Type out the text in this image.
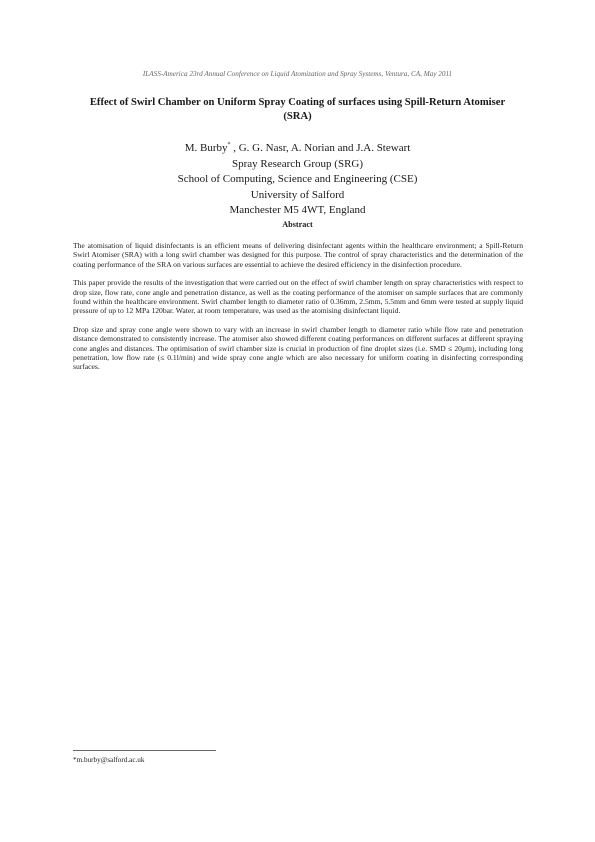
ILASS-America 23rd Annual Conference on Liquid Atomization and Spray Systems, Ventura, CA, May 2011
Effect of Swirl Chamber on Uniform Spray Coating of surfaces using Spill-Return Atomiser (SRA)
M. Burby* , G. G. Nasr, A. Norian and J.A. Stewart
Spray Research Group (SRG)
School of Computing, Science and Engineering (CSE)
University of Salford
Manchester M5 4WT, England
Abstract

The atomisation of liquid disinfectants is an efficient means of delivering disinfectant agents within the healthcare environment; a Spill-Return Swirl Atomiser (SRA) with a long swirl chamber was designed for this purpose. The control of spray characteristics and the determination of the coating performance of the SRA on various surfaces are essential to achieve the desired efficiency in the disinfection procedure.

This paper provide the results of the investigation that were carried out on the effect of swirl chamber length on spray characteristics with respect to drop size, flow rate, cone angle and penetration distance, as well as the coating performance of the atomiser on sample surfaces that are commonly found within the healthcare environment. Swirl chamber length to diameter ratio of 0.36mm, 2.5mm, 5.5mm and 6mm were tested at supply liquid pressure of up to 12 MPa 120bar. Water, at room temperature, was used as the atomising disinfectant liquid.

Drop size and spray cone angle were shown to vary with an increase in swirl chamber length to diameter ratio while flow rate and penetration distance demonstrated to consistently increase. The atomiser also showed different coating performances on different surfaces at different spraying cone angles and distances. The optimisation of swirl chamber size is crucial in production of fine droplet sizes (i.e. SMD ≤ 20μm), including long penetration, low flow rate (≤ 0.1l/min) and wide spray cone angle which are also necessary for uniform coating in disinfecting corresponding surfaces.

*m.burby@salford.ac.uk
